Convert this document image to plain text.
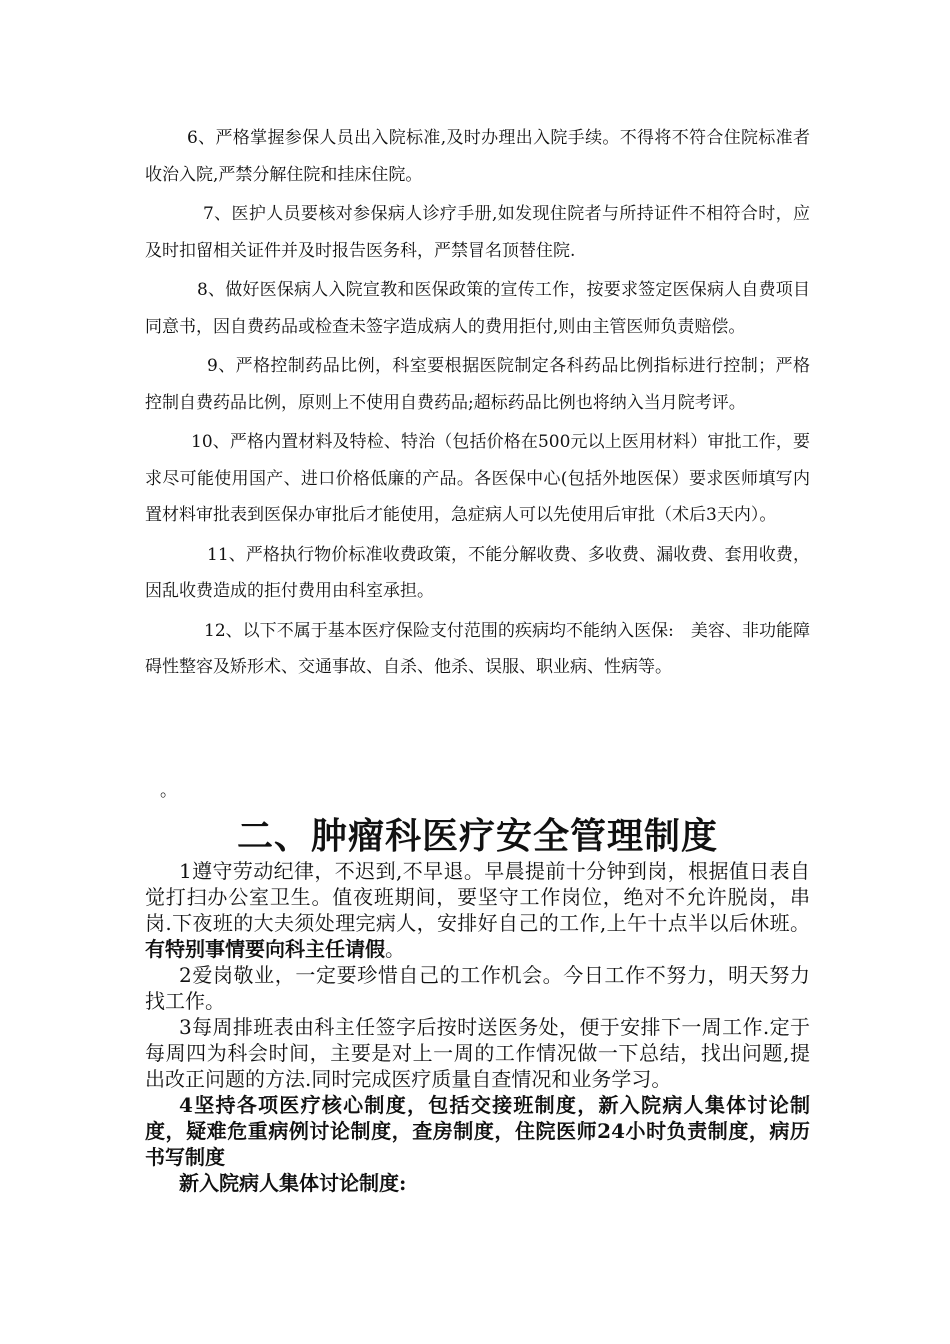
6、严格掌握参保人员出入院标准,及时办理出入院手续。不得将不符合住院标准者收治入院,严禁分解住院和挂床住院。

7、医护人员要核对参保病人诊疗手册,如发现住院者与所持证件不相符合时，应及时扣留相关证件并及时报告医务科，严禁冒名顶替住院.

8、做好医保病人入院宣教和医保政策的宣传工作，按要求签定医保病人自费项目同意书，因自费药品或检查未签字造成病人的费用拒付,则由主管医师负责赔偿。

9、严格控制药品比例，科室要根据医院制定各科药品比例指标进行控制；严格控制自费药品比例，原则上不使用自费药品;超标药品比例也将纳入当月院考评。

10、严格内置材料及特检、特治（包括价格在500元以上医用材料）审批工作，要求尽可能使用国产、进口价格低廉的产品。各医保中心(包括外地医保）要求医师填写内置材料审批表到医保办审批后才能使用，急症病人可以先使用后审批（术后3天内）。

11、严格执行物价标准收费政策，不能分解收费、多收费、漏收费、套用收费，因乱收费造成的拒付费用由科室承担。

12、以下不属于基本医疗保险支付范围的疾病均不能纳入医保:　美容、非功能障碍性整容及矫形术、交通事故、自杀、他杀、误服、职业病、性病等。

。
二、肿瘤科医疗安全管理制度

1遵守劳动纪律，不迟到,不早退。早晨提前十分钟到岗，根据值日表自觉打扫办公室卫生。值夜班期间，要坚守工作岗位，绝对不允许脱岗，串岗.下夜班的大夫须处理完病人，安排好自己的工作,上午十点半以后休班。有特别事情要向科主任请假。

2爱岗敬业，一定要珍惜自己的工作机会。今日工作不努力，明天努力找工作。

3每周排班表由科主任签字后按时送医务处，便于安排下一周工作.定于每周四为科会时间，主要是对上一周的工作情况做一下总结，找出问题,提出改正问题的方法.同时完成医疗质量自查情况和业务学习。

4坚持各项医疗核心制度，包括交接班制度，新入院病人集体讨论制度，疑难危重病例讨论制度，查房制度，住院医师24小时负责制度，病历书写制度

新入院病人集体讨论制度:
